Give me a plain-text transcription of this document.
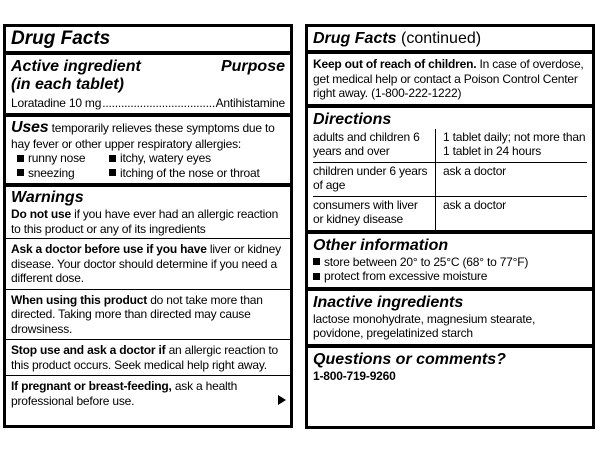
Drug Facts
Active ingredient	Purpose
(in each tablet)
Loratadine 10 mg .....	Antihistamine
Uses temporarily relieves these symptoms due to hay fever or other upper respiratory allergies:
runny nose	itchy, watery eyes
sneezing	itching of the nose or throat
Warnings
Do not use if you have ever had an allergic reaction to this product or any of its ingredients
Ask a doctor before use if you have liver or kidney disease. Your doctor should determine if you need a different dose.
When using this product do not take more than directed. Taking more than directed may cause drowsiness.
Stop use and ask a doctor if an allergic reaction to this product occurs. Seek medical help right away.
If pregnant or breast-feeding, ask a health professional before use.
Drug Facts (continued)
Keep out of reach of children. In case of overdose, get medical help or contact a Poison Control Center right away. (1-800-222-1222)
Directions
adults and children 6 years and over	1 tablet daily; not more than 1 tablet in 24 hours
children under 6 years of age	ask a doctor
consumers with liver or kidney disease	ask a doctor
Other information
store between 20° to 25°C (68° to 77°F)
protect from excessive moisture
Inactive ingredients
lactose monohydrate, magnesium stearate, povidone, pregelatinized starch
Questions or comments?
1-800-719-9260
